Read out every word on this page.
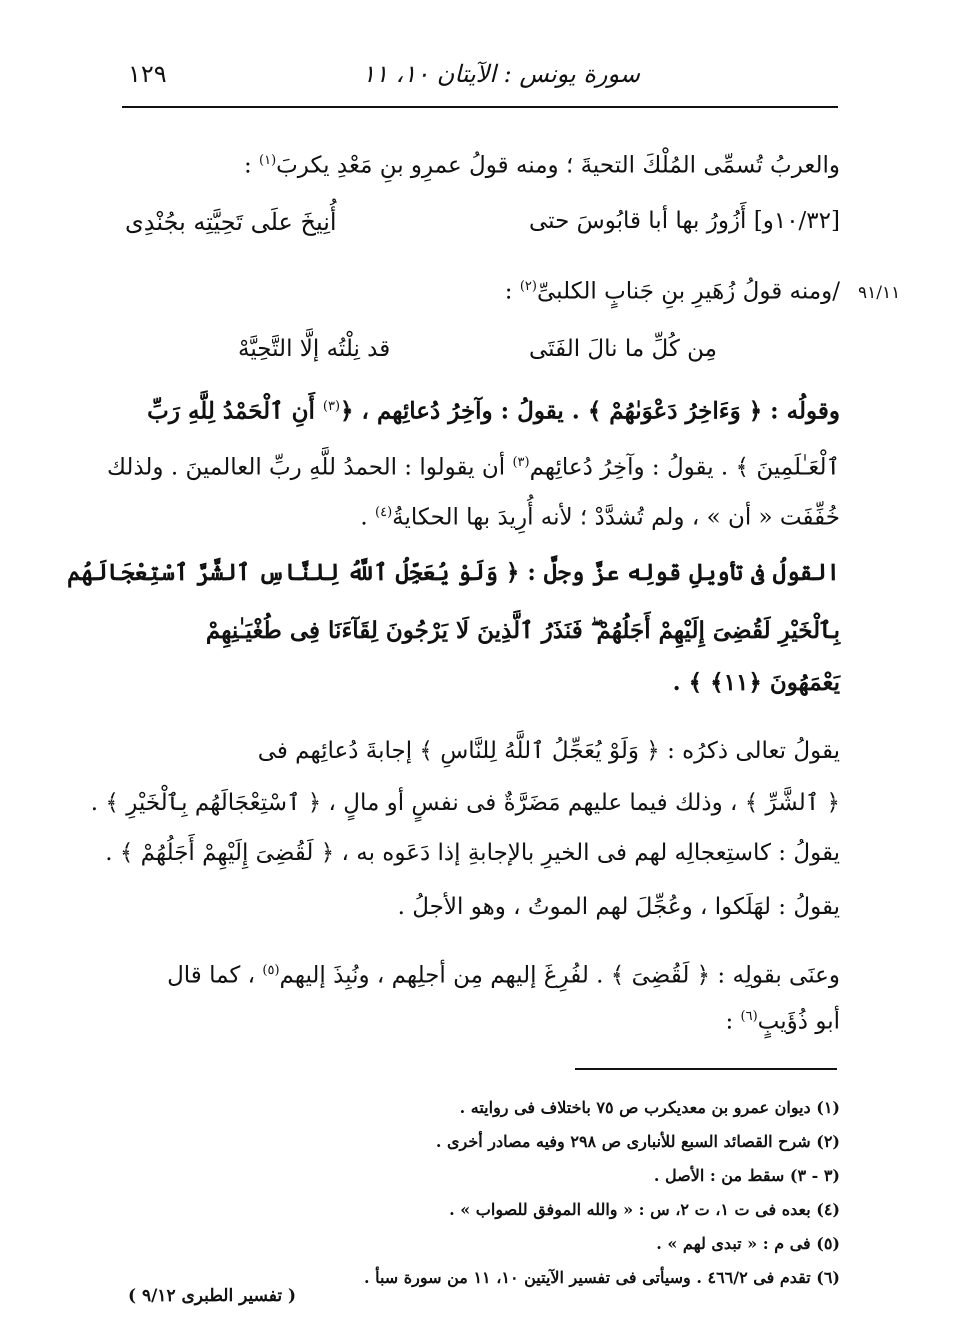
١٢٩	سورة يونس : الآيتان ١٠، ١١
٩١/١١
والعربُ تُسمِّى المُلْكَ التحيةَ ؛ ومنه قولُ عمرِو بنِ مَعْدِ يكربَ$^{(١)}$ :
[١٠/٣٢و] أَزُورُ بها أبا قابُوسَ حتى
أُنِيخَ علَى تَحِيَّتِه بجُنْدِى
/ومنه قولُ زُهَيرِ بنِ جَنابٍ الكلبىِّ$^{(٢)}$ :
مِن كُلِّ ما نالَ الفَتَى
قد نِلْتُه إلَّا التَّحِيَّهْ
وقولُه : ﴿ وَءَاخِرُ دَعْوَىٰهُمْ ﴾ . يقولُ : وآخِرُ دُعائِهم ، ﴿$^{(٣)}$ أَنِ ٱلْحَمْدُ لِلَّهِ رَبِّ
ٱلْعَـٰلَمِينَ ﴾ . يقولُ : وآخِرُ دُعائِهم$^{(٣)}$ أن يقولوا : الحمدُ للَّهِ ربِّ العالمينَ . ولذلك
خُفِّفَت « أن » ، ولم تُشدَّدْ ؛ لأنه أُرِيدَ بها الحكايةُ$^{(٤)}$ .
القولُ فى تأويلِ قولِه عزَّ وجلَّ : ﴿ وَلَوْ يُعَجِّلُ ٱللَّهُ لِلنَّاسِ ٱلشَّرَّ ٱسْتِعْجَالَهُم
بِٱلْخَيْرِ لَقُضِىَ إِلَيْهِمْ أَجَلُهُمْ ۖ فَنَذَرُ ٱلَّذِينَ لَا يَرْجُونَ لِقَآءَنَا فِى طُغْيَـٰنِهِمْ
يَعْمَهُونَ ﴿١١﴾ ﴾ .
يقولُ تعالى ذكرُه : ﴿ وَلَوْ يُعَجِّلُ ٱللَّهُ لِلنَّاسِ ﴾ إجابةَ دُعائِهم فى
﴿ ٱلشَّرِّ ﴾ ، وذلك فيما عليهم مَضَرَّةٌ فى نفسٍ أو مالٍ ، ﴿ ٱسْتِعْجَالَهُم بِٱلْخَيْرِ ﴾ .
يقولُ : كاستِعجالِه لهم فى الخيرِ بالإجابةِ إذا دَعَوه به ، ﴿ لَقُضِىَ إِلَيْهِمْ أَجَلُهُمْ ﴾ .
يقولُ : لهَلَكوا ، وعُجِّلَ لهم الموتُ ، وهو الأجلُ .
وعنَى بقولِه : ﴿ لَقُضِىَ ﴾ . لفُرِغَ إليهم مِن أجلِهم ، ونُبِذَ إليهم$^{(٥)}$ ، كما قال
أبو ذُؤَيبٍ$^{(٦)}$ :
(١) ديوان عمرو بن معديكرب ص ٧٥ باختلاف فى روايته .
(٢) شرح القصائد السبع للأنبارى ص ٢٩٨ وفيه مصادر أخرى .
(٣ - ٣) سقط من : الأصل .
(٤) بعده فى ت ١، ت ٢، س : « والله الموفق للصواب » .
(٥) فى م : « تبدى لهم » .
(٦) تقدم فى ٤٦٦/٢ . وسيأتى فى تفسير الآيتين ١٠، ١١ من سورة سبأ .
( تفسير الطبرى ٩/١٢ )
